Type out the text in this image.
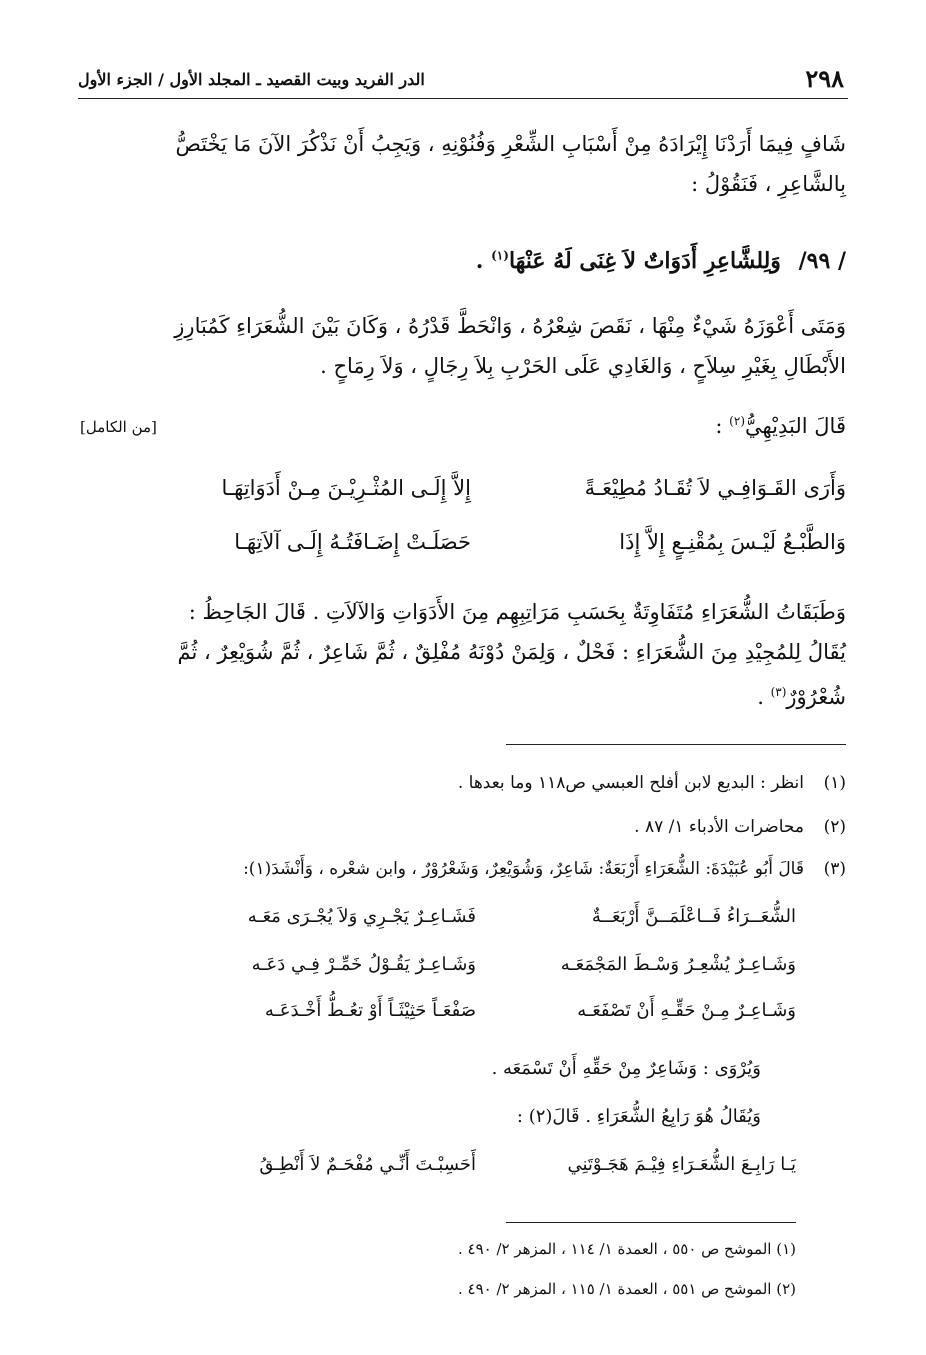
٢٩٨
الدر الفريد وبيت القصيد ـ المجلد الأول / الجزء الأول
شَافٍ فِيمَا أَرَدْنَا إِيْرَادَهُ مِنْ أَسْبَابِ الشِّعْرِ وَفُنُوْنِهِ ، وَيَجِبُ أَنْ نَذْكُرَ الآنَ مَا يَخْتَصُّ
بِالشَّاعِرِ ، فَنَقُوْلُ :
/ ٩٩/ وَلِلشَّاعِرِ أَدَوَاتٌ لاَ غِنَى لَهُ عَنْهَا$^{(١)}$ .
وَمَتَى أَعْوَزَهُ شَيْءٌ مِنْهَا ، نَقَصَ شِعْرُهُ ، وَانْحَطَّ قَدْرُهُ ، وَكَانَ بَيْنَ الشُّعَرَاءِ كَمُبَارِزِ
الأَبْطَالِ بِغَيْرِ سِلاَحٍ ، وَالغَادِي عَلَى الحَرْبِ بِلاَ رِجَالٍ ، وَلاَ رِمَاحٍ .
قَالَ البَدِيْهِيُّ$^{(٢)}$ :
[من الكامل]
وَأَرَى القَـوَافِـي لاَ تُقَـادُ مُطِيْعَـةً
إِلاَّ إِلَـى المُثْـرِيْـنَ مِـنْ أَدَوَاتِهَـا
وَالطَّبْـعُ لَيْـسَ بِمُقْنِـعٍ إِلاَّ إِذَا
حَصَلَـتْ إِضَـافَتُـهُ إِلَـى آلاَتِهَـا
وَطَبَقَاتُ الشُّعَرَاءِ مُتَفَاوِتَةٌ بِحَسَبِ مَرَاتِبِهِم مِنَ الأَدَوَاتِ وَالآلاَتِ . قَالَ الجَاحِظُ :
يُقَالُ لِلمُجِيْدِ مِنَ الشُّعَرَاءِ : فَحْلٌ ، وَلِمَنْ دُوْنَهُ مُفْلِقٌ ، ثُمَّ شَاعِرٌ ، ثُمَّ شُوَيْعِرٌ ، ثُمَّ
شُعْرُوْرٌ$^{(٣)}$ .
(١)
انظر : البديع لابن أفلح العبسي ص١١٨ وما بعدها .
(٢)
محاضرات الأدباء ١/ ٨٧ .
(٣)
قَالَ أَبُو عُبَيْدَةَ: الشُّعَرَاءِ أَرْبَعَةٌ: شَاعِرٌ، وَشُوَيْعِرٌ، وَشَعْرُوْرٌ ، وابن شعْره ، وَأَنْشَدَ(١):
الشُّعَــرَاءُ فَــاعْلَمَــنَّ أَرْبَعَــةٌ
فَشَـاعِـرٌ يَجْـرِي وَلاَ يُجْـرَى مَعَـه
وَشَـاعِـرٌ يُشْعِـرُ وَسْـطَ المَجْمَعَـه
وَشَـاعِـرٌ يَقُـوْلُ خَمِّـرْ فِـي دَعَـه
وَشَـاعِـرٌ مِـنْ حَقِّـهِ أَنْ تَصْفَعَـه
صَفْعَـاً حَثِيْثَـاً أَوْ تعُـطُّ أَخْـدَعَـه
وَيُرْوَى : وَشَاعِرٌ مِنْ حَقِّهِ أَنْ تَسْمَعَه .
وَيُقَالُ هُوَ رَابِعُ الشُّعَرَاءِ . قَالَ(٢) :
يَـا رَابِـعَ الشُّعَـرَاءِ فِيْـمَ هَجَـوْتَنِي
أَحَسِبْـتَ أَنِّـي مُفْحَـمٌ لاَ أَنْطِـقُ
(١) الموشح ص ٥٥٠ ، العمدة ١/ ١١٤ ، المزهر ٢/ ٤٩٠ .
(٢) الموشح ص ٥٥١ ، العمدة ١/ ١١٥ ، المزهر ٢/ ٤٩٠ .
